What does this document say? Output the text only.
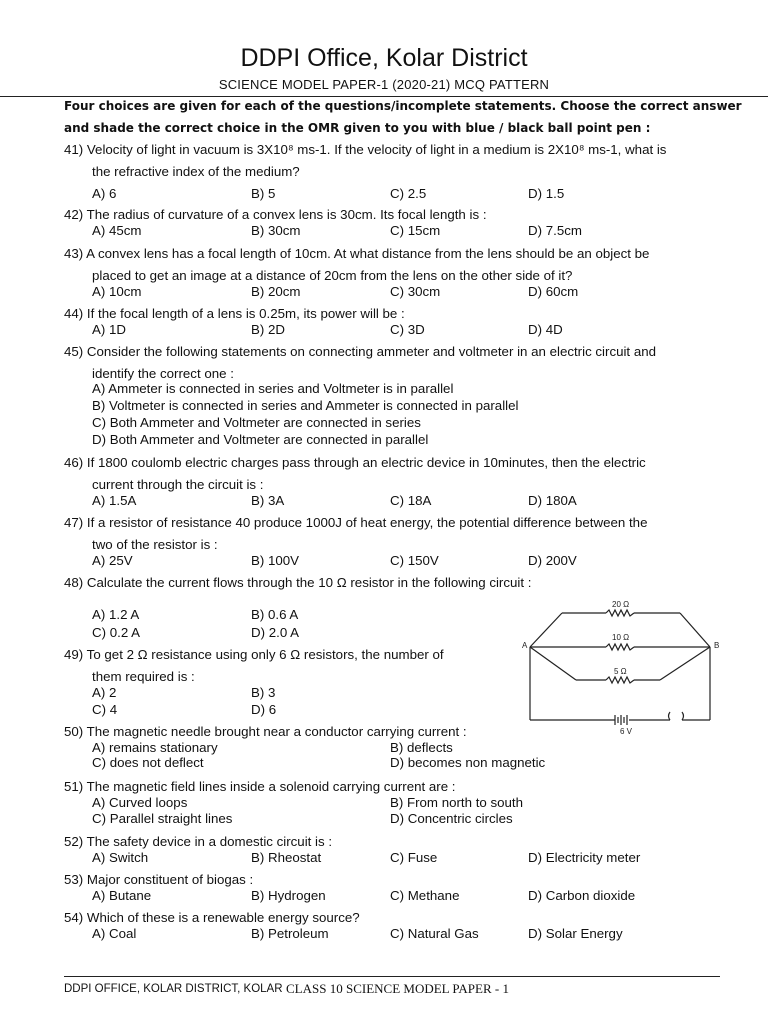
DDPI Office, Kolar District
SCIENCE MODEL PAPER-1 (2020-21) MCQ PATTERN
Four choices are given for each of the questions/incomplete statements. Choose the correct answer
and shade the correct choice in the OMR given to you with blue / black ball point pen :
41) Velocity of light in vacuum is 3X10⁸ ms-1. If the velocity of light in a medium is 2X10⁸ ms-1, what is
the refractive index of the medium?
A) 6	B) 5	C) 2.5	D) 1.5
42) The radius of curvature of a convex lens is 30cm. Its focal length is :
A) 45cm	B) 30cm	C) 15cm	D) 7.5cm
43) A convex lens has a focal length of 10cm. At what distance from the lens should be an object be
placed to get an image at a distance of 20cm from the lens on the other side of it?
A) 10cm	B) 20cm	C) 30cm	D) 60cm
44) If the focal length of a lens is 0.25m, its power will be :
A) 1D	B) 2D	C) 3D	D) 4D
45) Consider the following statements on connecting ammeter and voltmeter in an electric circuit and
identify the correct one :
A) Ammeter is connected in series and Voltmeter is in parallel
B) Voltmeter is connected in series and Ammeter is connected in parallel
C) Both Ammeter and Voltmeter are connected in series
D) Both Ammeter and Voltmeter are connected in parallel
46) If 1800 coulomb electric charges pass through an electric device in 10minutes, then the electric
current through the circuit is :
A) 1.5A	B) 3A	C) 18A	D) 180A
47) If a resistor of resistance 40 produce 1000J of heat energy, the potential difference between the
two of the resistor is :
A) 25V	B) 100V	C) 150V	D) 200V
48) Calculate the current flows through the 10 Ω resistor in the following circuit :
A) 1.2 A	B) 0.6 A
C) 0.2 A	D) 2.0 A
49) To get 2 Ω resistance using only 6 Ω resistors, the number of
them required is :
A) 2	B) 3
C) 4	D) 6
20 Ω
10 Ω
5 Ω
A	B
6 V
50) The magnetic needle brought near a conductor carrying current :
A) remains stationary	B) deflects
C) does not deflect	D) becomes non magnetic
51) The magnetic field lines inside a solenoid carrying current are :
A) Curved loops	B) From north to south
C) Parallel straight lines	D) Concentric circles
52) The safety device in a domestic circuit is :
A) Switch	B) Rheostat	C) Fuse	D) Electricity meter
53) Major constituent of biogas :
A) Butane	B) Hydrogen	C) Methane	D) Carbon dioxide
54) Which of these is a renewable energy source?
A) Coal	B) Petroleum	C) Natural Gas	D) Solar Energy
DDPI OFFICE, KOLAR DISTRICT, KOLAR CLASS 10 SCIENCE MODEL PAPER - 1
